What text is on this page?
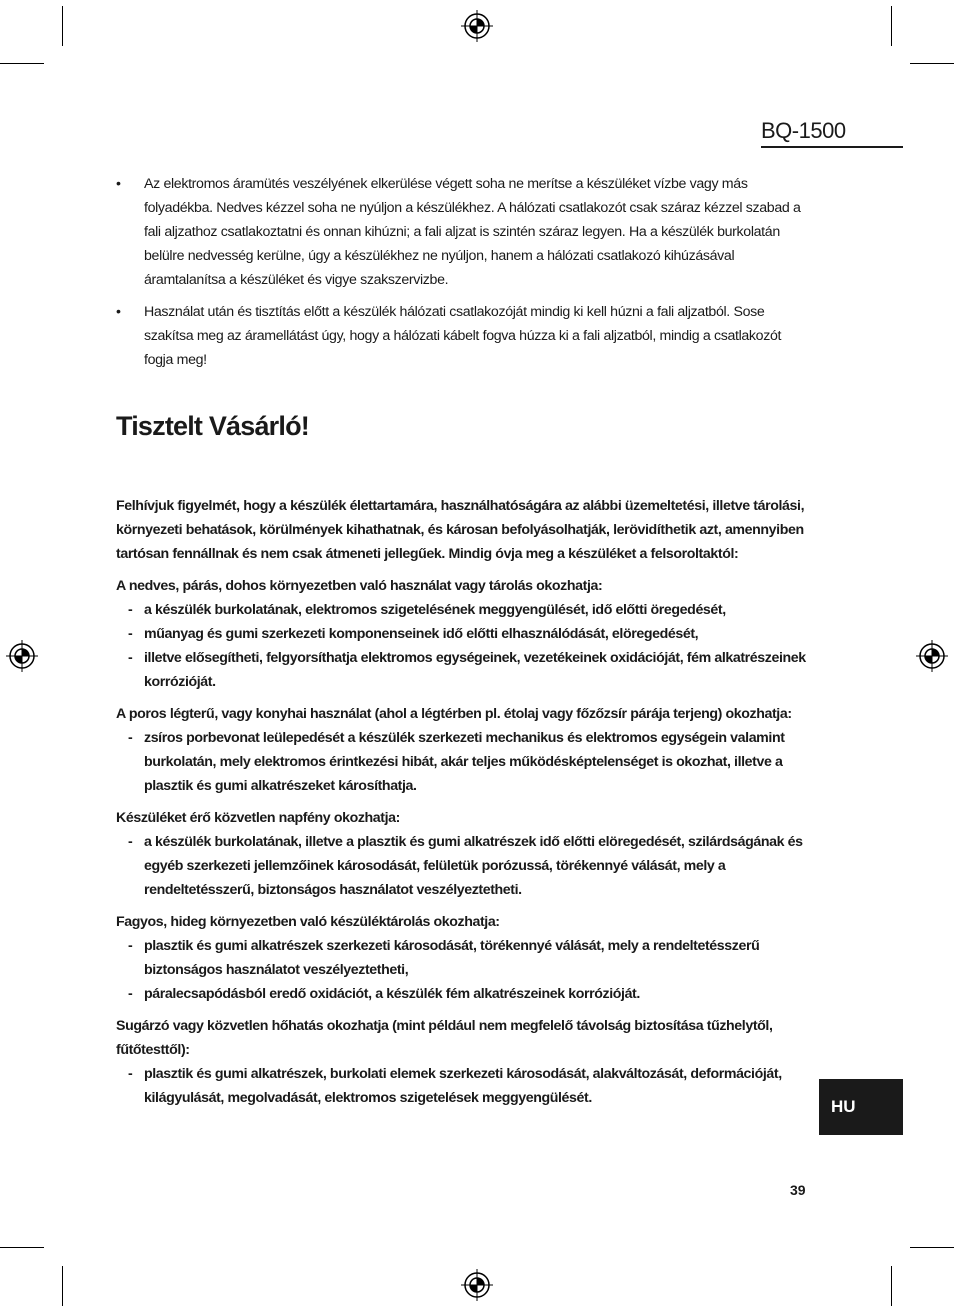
BQ-1500
• Az elektromos áramütés veszélyének elkerülése végett soha ne merítse a készüléket vízbe vagy más folyadékba. Nedves kézzel soha ne nyúljon a készülékhez. A hálózati csatlakozót csak száraz kézzel szabad a fali aljzathoz csatlakoztatni és onnan kihúzni; a fali aljzat is szintén száraz legyen. Ha a készülék burkolatán belülre nedvesség kerülne, úgy a készülékhez ne nyúljon, hanem a hálózati csatlakozó kihúzásával áramtalanítsa a készüléket és vigye szakszervizbe.
• Használat után és tisztítás előtt a készülék hálózati csatlakozóját mindig ki kell húzni a fali aljzatból. Sose szakítsa meg az áramellátást úgy, hogy a hálózati kábelt fogva húzza ki a fali aljzatból, mindig a csatlakozót fogja meg!
Tisztelt Vásárló!

Felhívjuk figyelmét, hogy a készülék élettartamára, használhatóságára az alábbi üzemeltetési, illetve tárolási, környezeti behatások, körülmények kihathatnak, és károsan befolyásolhatják, lerövidíthetik azt, amennyiben tartósan fennállnak és nem csak átmeneti jellegűek. Mindig óvja meg a készüléket a felsoroltaktól:

A nedves, párás, dohos környezetben való használat vagy tárolás okozhatja:

- a készülék burkolatának, elektromos szigetelésének meggyengülését, idő előtti öregedését,
- műanyag és gumi szerkezeti komponenseinek idő előtti elhasználódását, elöregedését,
- illetve elősegítheti, felgyorsíthatja elektromos egységeinek, vezetékeinek oxidációját, fém alkatrészeinek korrózióját.

A poros légterű, vagy konyhai használat (ahol a légtérben pl. étolaj vagy főzőzsír párája terjeng) okozhatja:

- zsíros porbevonat leülepedését a készülék szerkezeti mechanikus és elektromos egységein valamint burkolatán, mely elektromos érintkezési hibát, akár teljes működésképtelenséget is okozhat, illetve a plasztik és gumi alkatrészeket károsíthatja.

Készüléket érő közvetlen napfény okozhatja:

- a készülék burkolatának, illetve a plasztik és gumi alkatrészek idő előtti elöregedését, szilárdságának és egyéb szerkezeti jellemzőinek károsodását, felületük porózussá, törékennyé válását, mely a rendeltetésszerű, biztonságos használatot veszélyeztetheti.

Fagyos, hideg környezetben való készüléktárolás okozhatja:

- plasztik és gumi alkatrészek szerkezeti károsodását, törékennyé válását, mely a rendeltetésszerű biztonságos használatot veszélyeztetheti,
- páralecsapódásból eredő oxidációt, a készülék fém alkatrészeinek korrózióját.

Sugárzó vagy közvetlen hőhatás okozhatja (mint például nem megfelelő távolság biztosítása tűzhelytől, fűtőtesttől):

- plasztik és gumi alkatrészek, burkolati elemek szerkezeti károsodását, alakváltozását, deformációját, kilágyulását, megolvadását, elektromos szigetelések meggyengülését.	HU
39
